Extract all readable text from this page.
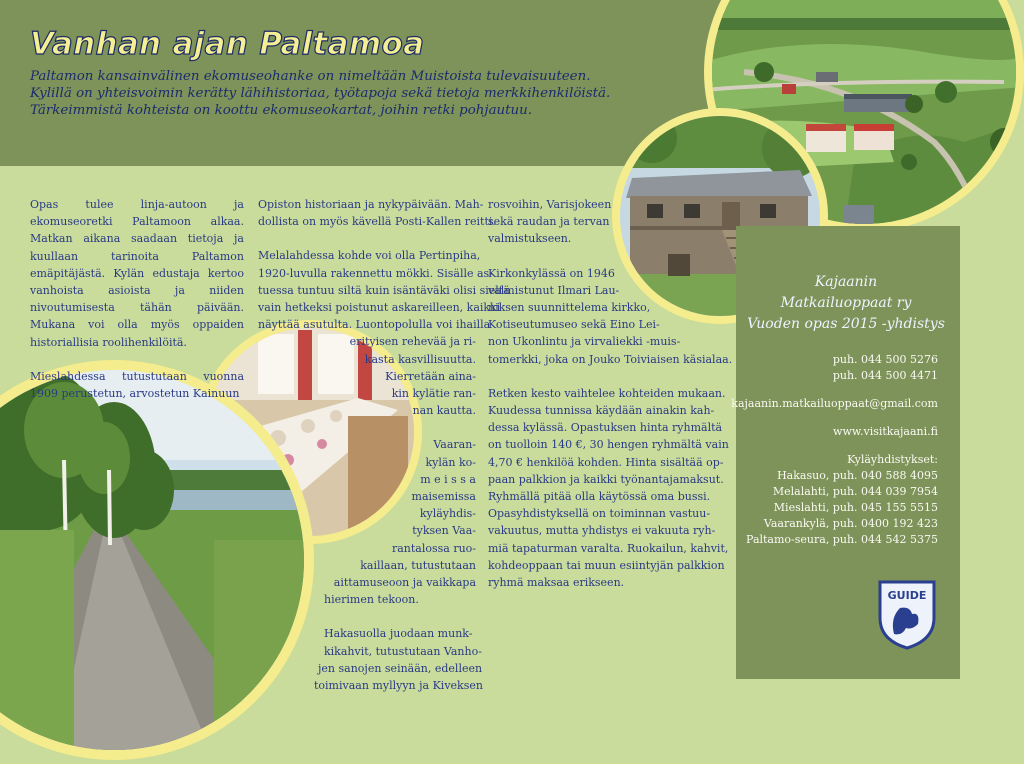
Vanhan ajan Paltamoa
Paltamon kansainvälinen ekomuseohanke on nimeltään Muistoista tulevaisuuteen.
Kylillä on yhteisvoimin kerätty lähihistoriaa, työtapoja sekä tietoja merkkihenkilöistä.
Tärkeimmistä kohteista on koottu ekomuseokartat, joihin retki pohjautuu.

Opas tulee linja-autoon ja ekomuseoretki Paltamoon alkaa. Matkan aikana saadaan tietoja ja kuullaan tarinoita Paltamon emäpitäjästä. Kylän edustaja kertoo vanhoista asioista ja niiden nivoutumisesta tähän päivään. Mukana voi olla myös oppaiden historiallisia roolihenkilöitä.

Mieslahdessa tutustutaan vuonna 1909 perustetun, arvostetun Kainuun

Opiston historiaan ja nykypäivään. Mah-
dollista on myös kävellä Posti-Kallen reitti.
Melalahdessa kohde voi olla Pertinpiha,
1920-luvulla rakennettu mökki. Sisälle as-
tuessa tuntuu siltä kuin isäntäväki olisi sieltä
vain hetkeksi poistunut askareilleen, kaikki
näyttää asutulta. Luontopolulla voi ihailla
erityisen rehevää ja ri-
kasta kasvillisuutta.
Kierretään aina-
kin kylätie ran-
nan kautta.
Vaaran-
kylän ko-
m e i s s a
maisemissa
kyläyhdis-
tyksen Vaa-
rantalossa ruo-
kaillaan, tutustutaan
aittamuseoon ja vaikkapa
hierimen tekoon.
Hakasuolla juodaan munk-
kikahvit, tutustutaan Vanho-
jen sanojen seinään, edelleen
toimivaan myllyyn ja Kiveksen

rosvoihin, Varisjokeen
sekä raudan ja tervan
valmistukseen.

Kirkonkylässä on 1946
valmistunut Ilmari Lau-
niksen suunnittelema kirkko,
Kotiseutumuseo sekä Eino Lei-
non Ukonlintu ja virvaliekki -muis-
tomerkki, joka on Jouko Toiviaisen käsialaa.

Retken kesto vaihtelee kohteiden mukaan.
Kuudessa tunnissa käydään ainakin kah-
dessa kylässä. Opastuksen hinta ryhmältä
on tuolloin 140 €, 30 hengen ryhmältä vain
4,70 € henkilöä kohden. Hinta sisältää op-
paan palkkion ja kaikki työnantajamaksut.
Ryhmällä pitää olla käytössä oma bussi.
Opasyhdistyksellä on toiminnan vastuu-
vakuutus, mutta yhdistys ei vakuuta ryh-
miä tapaturman varalta. Ruokailun, kahvit,
kohdeoppaan tai muun esiintyjän palkkion
ryhmä maksaa erikseen.

Kajaanin
Matkailuoppaat ry
Vuoden opas 2015 -yhdistys
puh. 044 500 5276
puh. 044 500 4471
kajaanin.matkailuoppaat@gmail.com
www.visitkajaani.fi
Kyläyhdistykset:
Hakasuo, puh. 040 588 4095
Melalahti, puh. 044 039 7954
Mieslahti, puh. 045 155 5515
Vaarankylä, puh. 0400 192 423
Paltamo-seura, puh. 044 542 5375
GUIDE
